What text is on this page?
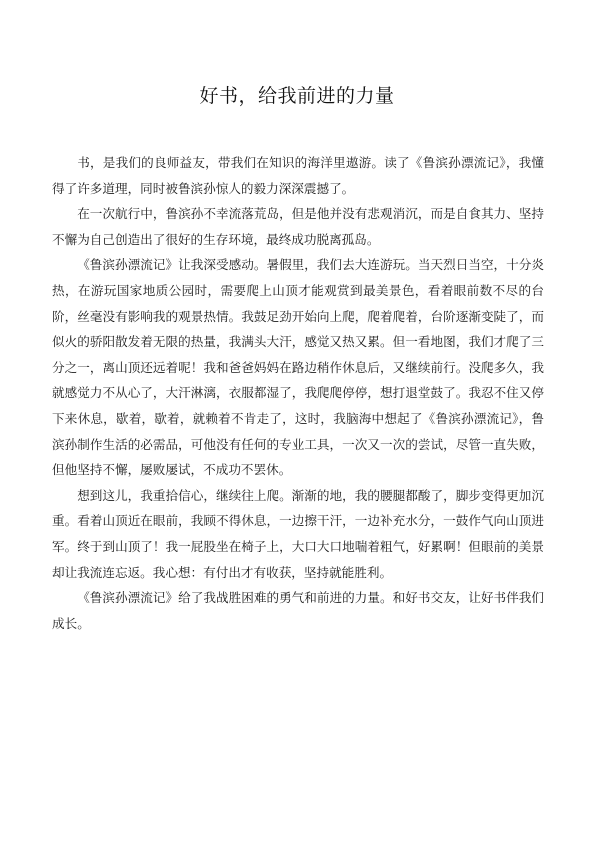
好书，给我前进的力量

书，是我们的良师益友，带我们在知识的海洋里遨游。读了《鲁滨孙漂流记》，我懂得了许多道理，同时被鲁滨孙惊人的毅力深深震撼了。

在一次航行中，鲁滨孙不幸流落荒岛，但是他并没有悲观消沉，而是自食其力、坚持不懈为自己创造出了很好的生存环境，最终成功脱离孤岛。

《鲁滨孙漂流记》让我深受感动。暑假里，我们去大连游玩。当天烈日当空，十分炎热，在游玩国家地质公园时，需要爬上山顶才能观赏到最美景色，看着眼前数不尽的台阶，丝毫没有影响我的观景热情。我鼓足劲开始向上爬，爬着爬着，台阶逐渐变陡了，而似火的骄阳散发着无限的热量，我满头大汗，感觉又热又累。但一看地图，我们才爬了三分之一，离山顶还远着呢！我和爸爸妈妈在路边稍作休息后，又继续前行。没爬多久，我就感觉力不从心了，大汗淋漓，衣服都湿了，我爬爬停停，想打退堂鼓了。我忍不住又停下来休息，歇着，歇着，就赖着不肯走了，这时，我脑海中想起了《鲁滨孙漂流记》，鲁滨孙制作生活的必需品，可他没有任何的专业工具，一次又一次的尝试，尽管一直失败，但他坚持不懈，屡败屡试，不成功不罢休。

想到这儿，我重拾信心，继续往上爬。渐渐的地，我的腰腿都酸了，脚步变得更加沉重。看着山顶近在眼前，我顾不得休息，一边擦干汗，一边补充水分，一鼓作气向山顶进军。终于到山顶了！我一屁股坐在椅子上，大口大口地喘着粗气，好累啊！但眼前的美景却让我流连忘返。我心想：有付出才有收获，坚持就能胜利。

《鲁滨孙漂流记》给了我战胜困难的勇气和前进的力量。和好书交友，让好书伴我们成长。
